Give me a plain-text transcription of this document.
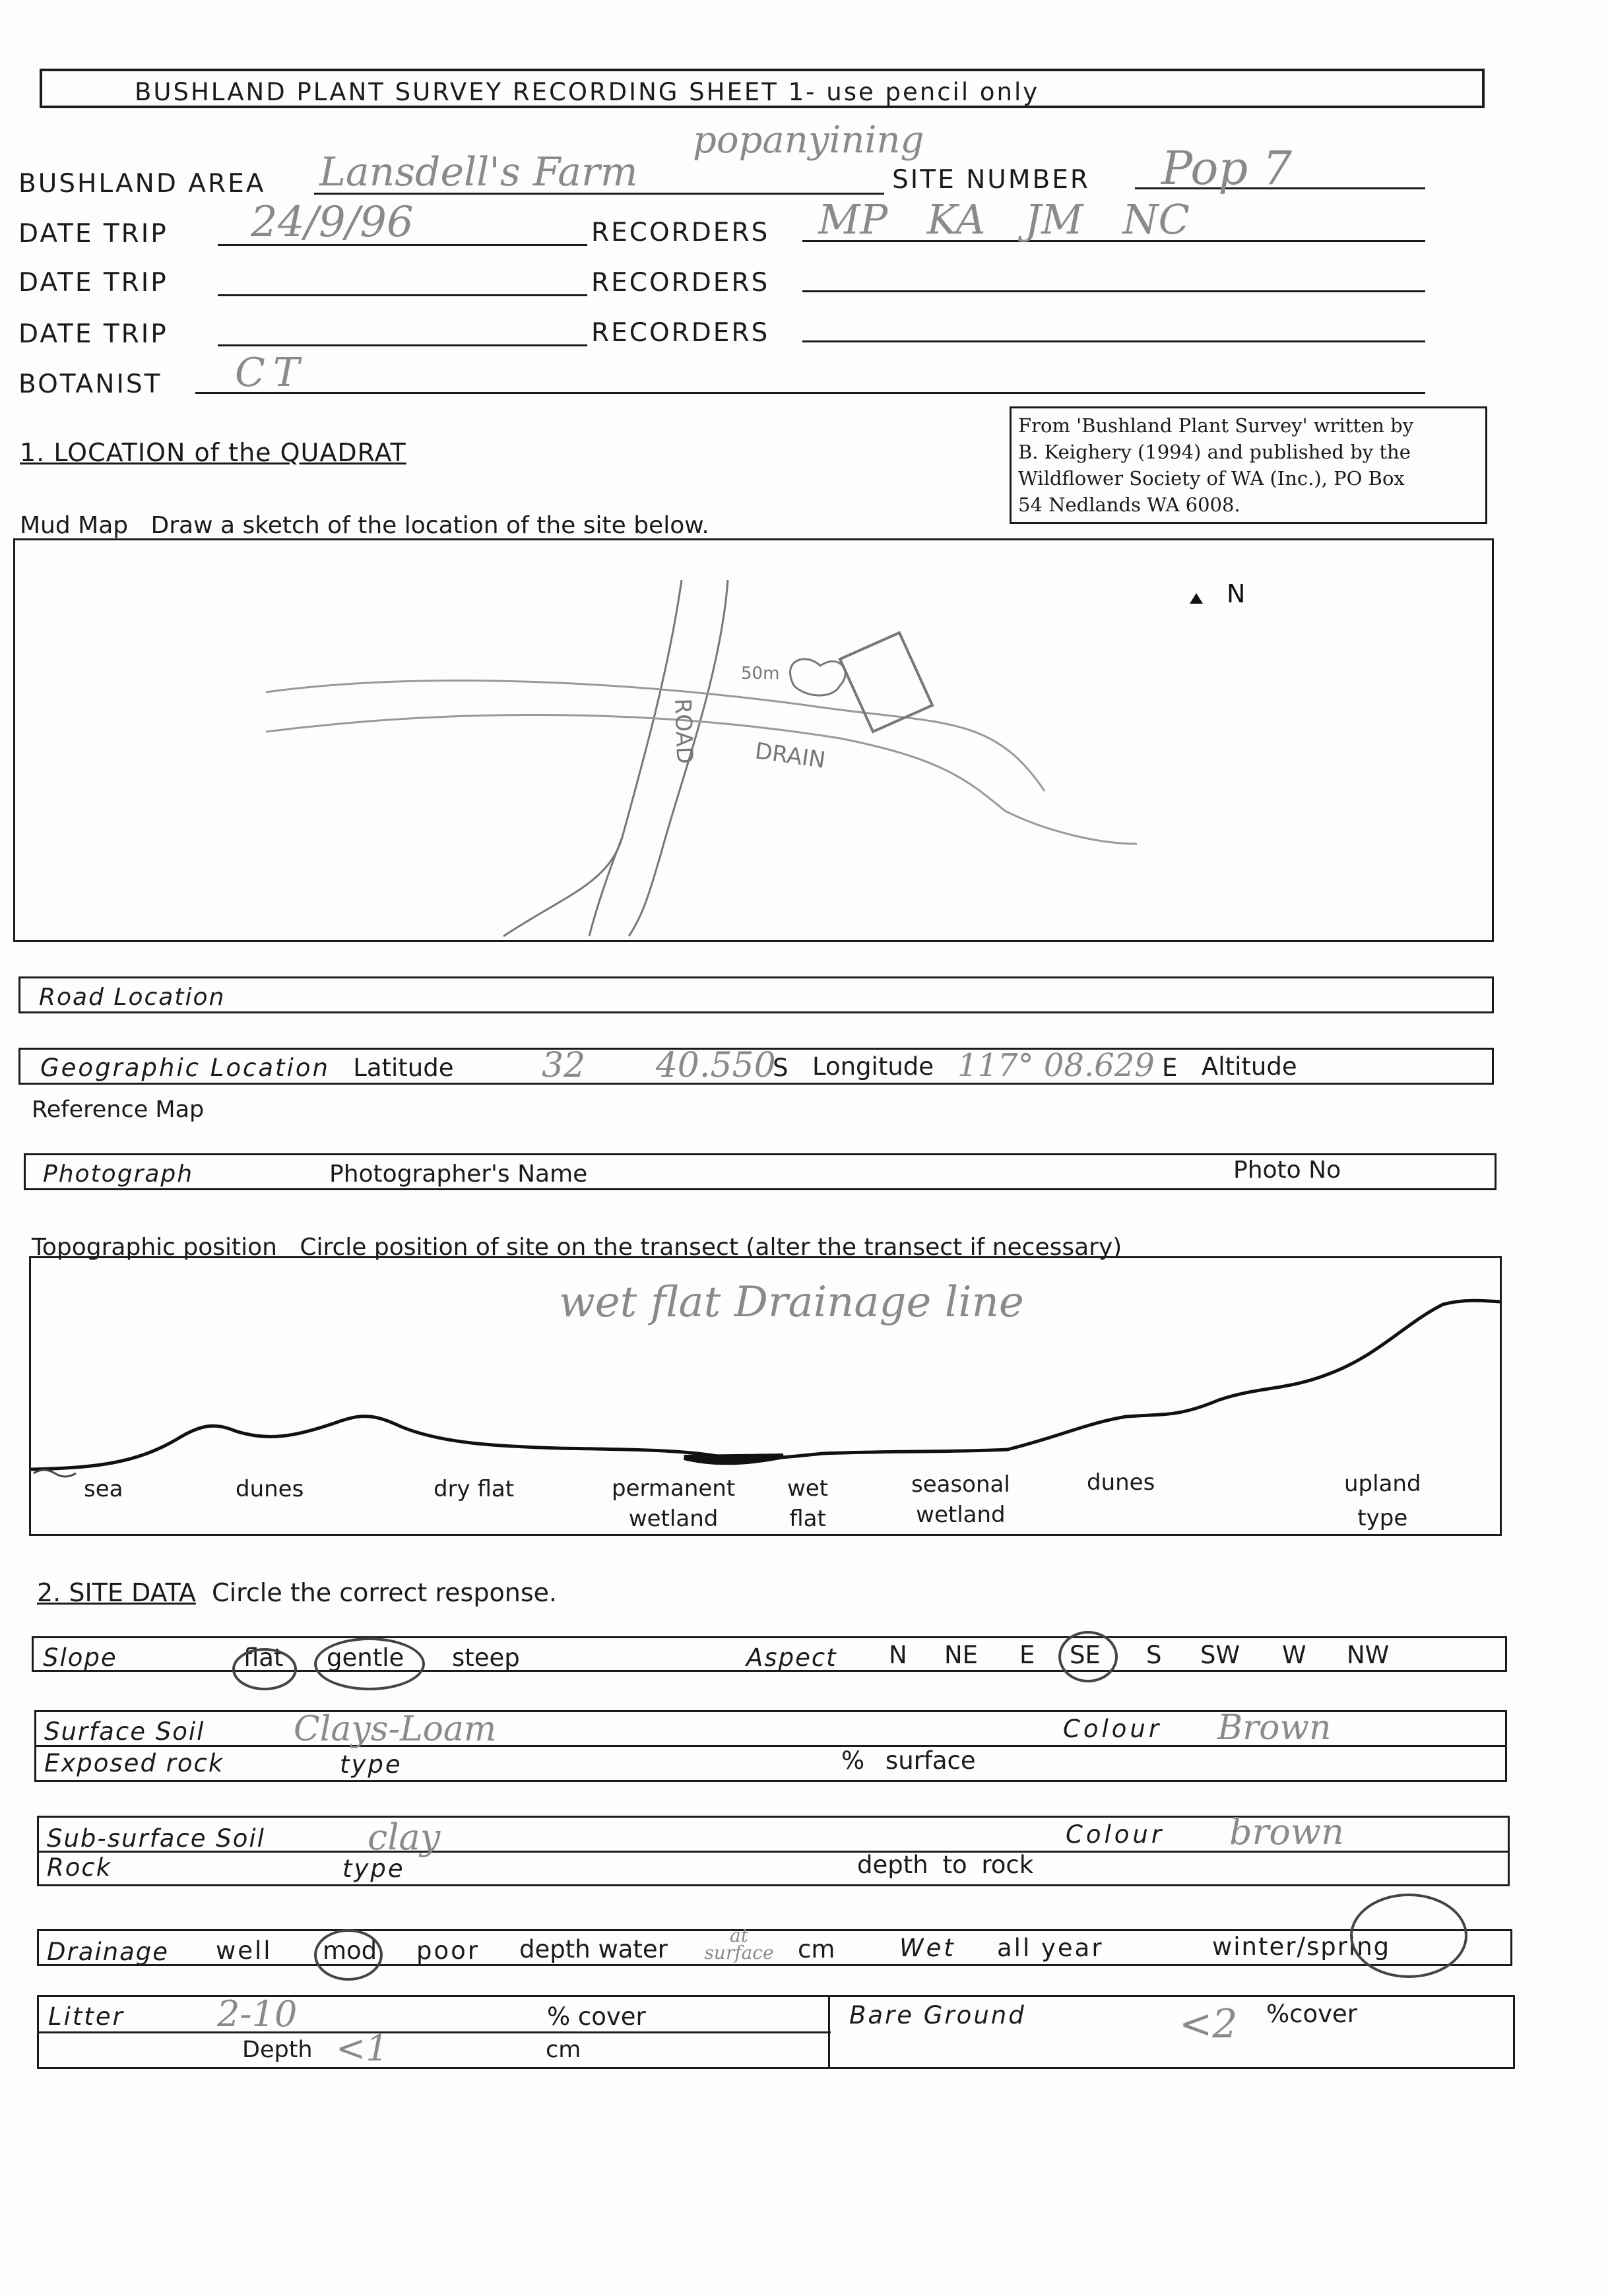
BUSHLAND PLANT SURVEY RECORDING SHEET 1- use pencil only
popanyining
BUSHLAND AREA Lansdell's Farm	SITE NUMBER Pop 7
DATE TRIP 24/9/96	RECORDERS MP KA JM NC
DATE TRIP	RECORDERS
DATE TRIP	RECORDERS
BOTANIST CT
From 'Bushland Plant Survey' written by
B. Keighery (1994) and published by the
Wildflower Society of WA (Inc.), PO Box
54 Nedlands WA 6008.
1. LOCATION of the QUADRAT
Mud Map Draw a sketch of the location of the site below.
N
DRAIN
ROAD
50m
Road Location
Geographic Location Latitude	32 40.550
S Longitude 117° 08.629 E Altitude
Reference Map
Photograph	Photographer's Name	Photo No
Topographic position Circle position of site on the transect (alter the transect if necessary)
wet flat Drainage line
sea	dunes	dry flat	permanent
wetland
wet
flat
seasonal
wetland
dunes	upland
type
2. SITE DATA Circle the correct response.
Slope	flat gentle steep	Aspect N NE E SE S SW W NW
Surface Soil	Clays-Loam	Colour Brown
Exposed rock	type	% surface
Sub-surface Soil	clay	Colour brown
Rock	type	depth to rock
Drainage well mod poor depth water	at surface cm	Wet all year	winter/spring
Litter	2-10	% cover
Depth <1	cm
Bare Ground	<2 %cover
